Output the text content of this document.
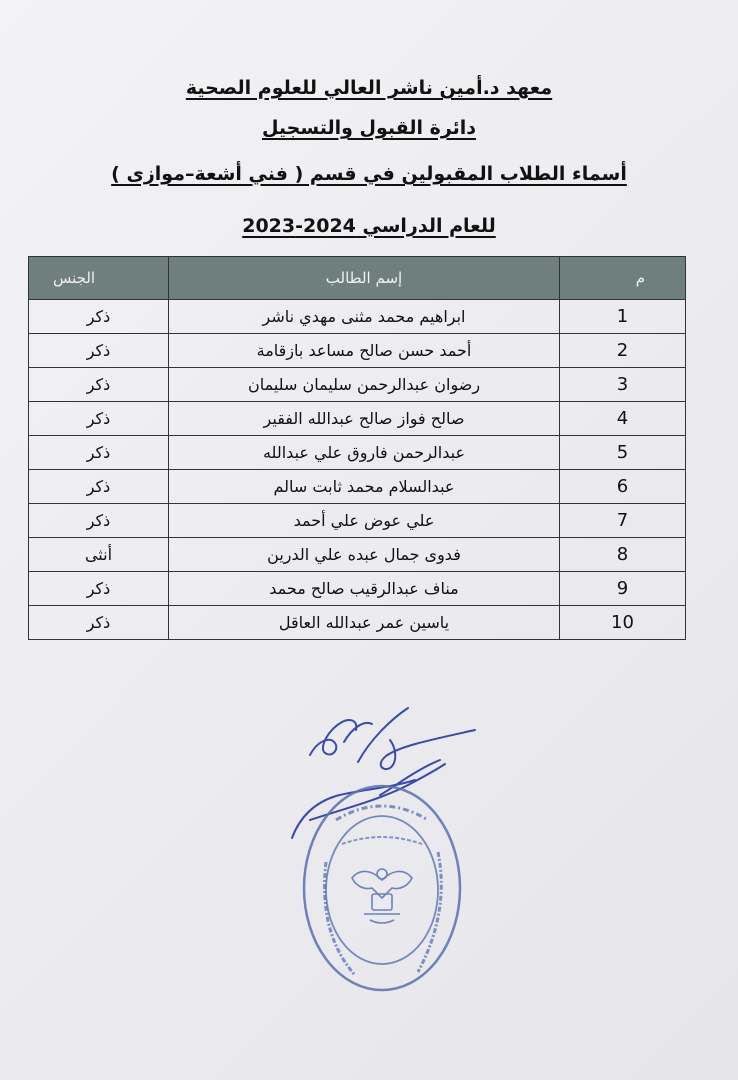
معهد د.أمين ناشر العالي للعلوم الصحية
دائرة القبول والتسجيل
أسماء الطلاب المقبولين في قسم ( فني أشعة–موازى )
للعام الدراسي 2024-2023
م	إسم الطالب	الجنس
1	ابراهيم محمد مثنى مهدي ناشر	ذكر
2	أحمد حسن صالح مساعد بازقامة	ذكر
3	رضوان عبدالرحمن سليمان سليمان	ذكر
4	صالح فواز صالح عبدالله الفقير	ذكر
5	عبدالرحمن فاروق علي عبدالله	ذكر
6	عبدالسلام محمد ثابت سالم	ذكر
7	علي عوض علي أحمد	ذكر
8	فدوى جمال عبده علي الدرين	أنثى
9	مناف عبدالرقيب صالح محمد	ذكر
10	ياسين عمر عبدالله العاقل	ذكر
